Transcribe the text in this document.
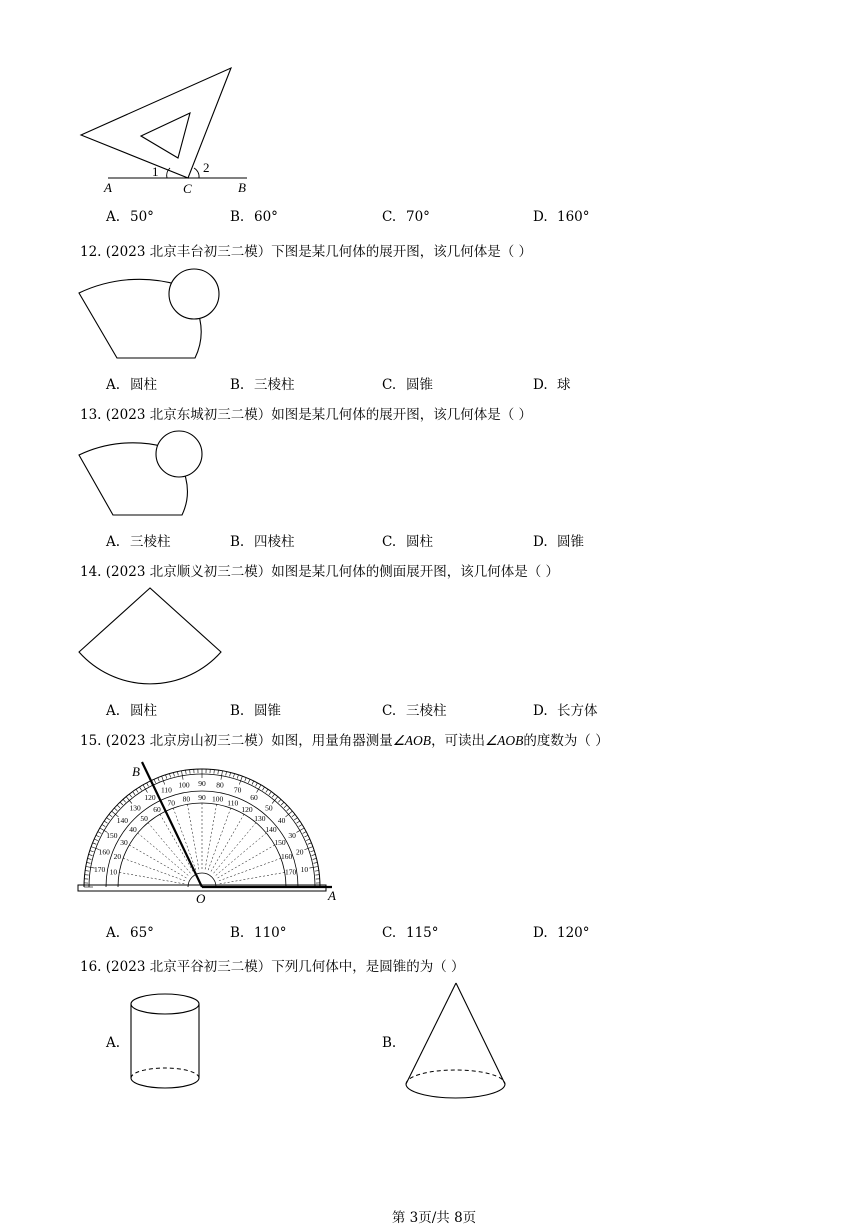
1	2
A	C	B
A. 50°	B. 60°	C. 70°	D. 160°
12. (2023 北京丰台初三二模）下图是某几何体的展开图，该几何体是（ ）
A. 圆柱	B. 三棱柱	C. 圆锥	D. 球
13. (2023 北京东城初三二模）如图是某几何体的展开图，该几何体是（ ）
A. 三棱柱	B. 四棱柱	C. 圆柱	D. 圆锥
14. (2023 北京顺义初三二模）如图是某几何体的侧面展开图，该几何体是（ ）
A. 圆柱	B. 圆锥	C. 三棱柱	D. 长方体
15. (2023 北京房山初三二模）如图，用量角器测量∠AOB，可读出∠AOB的度数为（ ）
10
170
20
160
30
150
40
140
50
130
60
120
70
110
80
100
90
90
100
80
110
70
120
60
130
50
140
40
150
30
160
20
170 10
B
O	A
A. 65°	B. 110°	C. 115°	D. 120°
16. (2023 北京平谷初三二模）下列几何体中，是圆锥的为（ ）
A.	B.
第 3页/共 8页
